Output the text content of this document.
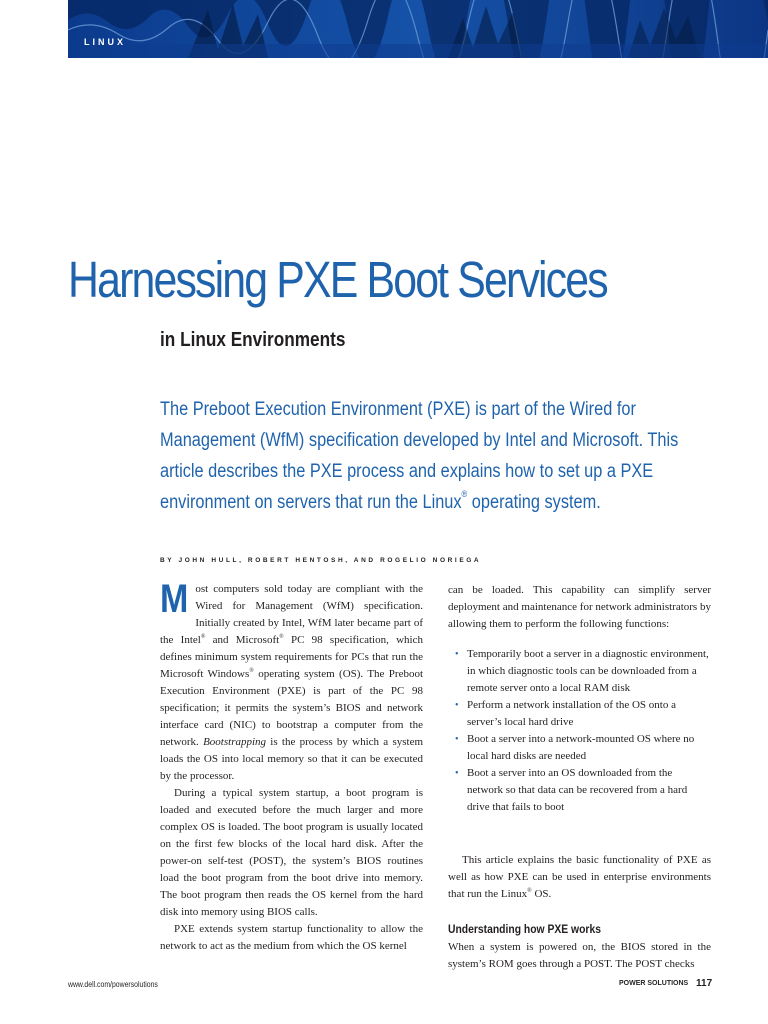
LINUX
Harnessing PXE Boot Services
in Linux Environments
The Preboot Execution Environment (PXE) is part of the Wired for Management (WfM) specification developed by Intel and Microsoft. This article describes the PXE process and explains how to set up a PXE environment on servers that run the Linux® operating system.
BY JOHN HULL, ROBERT HENTOSH, AND ROGELIO NORIEGA

Most computers sold today are compliant with the Wired for Management (WfM) specification. Initially created by Intel, WfM later became part of the Intel® and Microsoft® PC 98 specification, which defines minimum system requirements for PCs that run the Microsoft Windows® operating system (OS). The Preboot Execution Environment (PXE) is part of the PC 98 specification; it permits the system’s BIOS and network interface card (NIC) to bootstrap a computer from the network. Bootstrapping is the process by which a system loads the OS into local memory so that it can be executed by the processor.

During a typical system startup, a boot program is loaded and executed before the much larger and more complex OS is loaded. The boot program is usually located on the first few blocks of the local hard disk. After the power-on self-test (POST), the system’s BIOS routines load the boot program from the boot drive into memory. The boot program then reads the OS kernel from the hard disk into memory using BIOS calls.

PXE extends system startup functionality to allow the network to act as the medium from which the OS kernel

can be loaded. This capability can simplify server deployment and maintenance for network administrators by allowing them to perform the following functions:

• Temporarily boot a server in a diagnostic environment, in which diagnostic tools can be downloaded from a remote server onto a local RAM disk
• Perform a network installation of the OS onto a server’s local hard drive
• Boot a server into a network-mounted OS where no local hard disks are needed
• Boot a server into an OS downloaded from the network so that data can be recovered from a hard drive that fails to boot

This article explains the basic functionality of PXE as well as how PXE can be used in enterprise environments that run the Linux® OS.

Understanding how PXE works

When a system is powered on, the BIOS stored in the system’s ROM goes through a POST. The POST checks

www.dell.com/powersolutions	POWER SOLUTIONS 117
